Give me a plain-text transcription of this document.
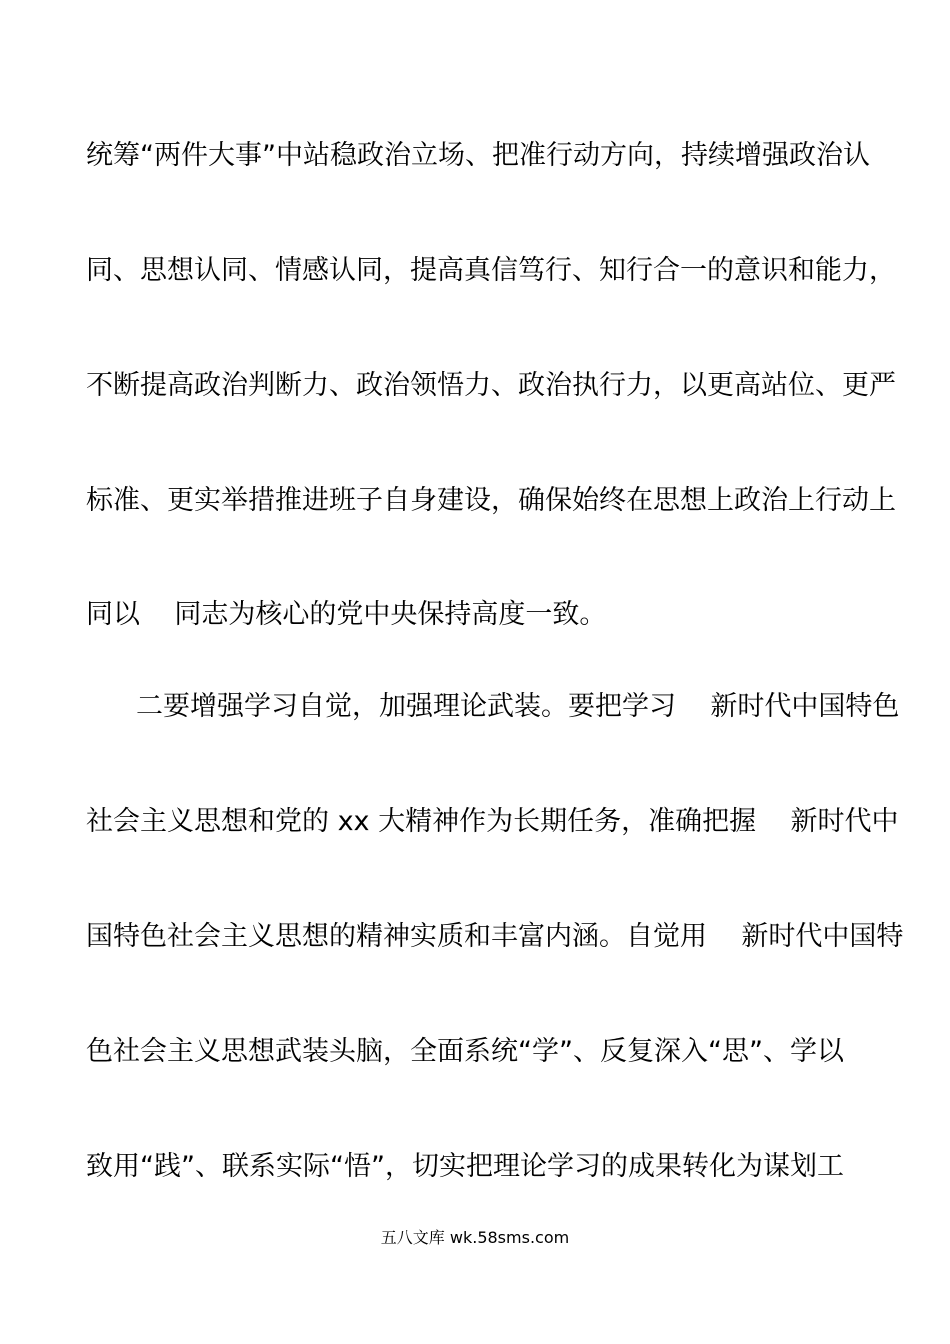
统筹“两件大事”中站稳政治立场、把准行动方向，持续增强政治认
同、思想认同、情感认同，提高真信笃行、知行合一的意识和能力，
不断提高政治判断力、政治领悟力、政治执行力，以更高站位、更严
标准、更实举措推进班子自身建设，确保始终在思想上政治上行动上
同以    同志为核心的党中央保持高度一致。
二要增强学习自觉，加强理论武装。要把学习    新时代中国特色
社会主义思想和党的 xx 大精神作为长期任务，准确把握    新时代中
国特色社会主义思想的精神实质和丰富内涵。自觉用    新时代中国特
色社会主义思想武装头脑，全面系统“学”、反复深入“思”、学以
致用“践”、联系实际“悟”，切实把理论学习的成果转化为谋划工
五八文库 wk.58sms.com
